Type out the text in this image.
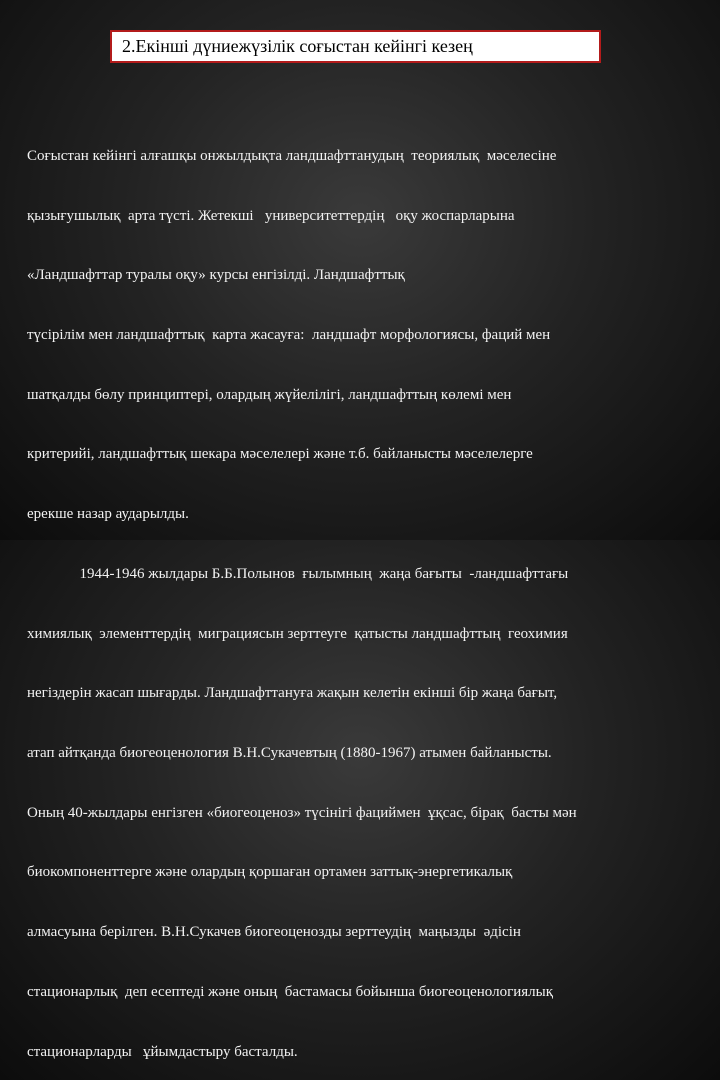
2.Екінші дүниежүзілік соғыстан кейінгі кезең

Соғыстан кейінгі алғашқы онжылдықта ландшафттанудың  теориялық  мәселесіне

қызығушылық  арта түсті. Жетекші   университеттердің   оқу жоспарларына

«Ландшафттар туралы оқу» курсы енгізілді. Ландшафттық

түсірілім мен ландшафттық  карта жасауға:  ландшафт морфологиясы, фаций мен

шатқалды бөлу принциптері, олардың жүйелілігі, ландшафттың көлемі мен

критерийі, ландшафттық шекара мәселелері және т.б. байланысты мәселелерге

ерекше назар аударылды.

1944-1946 жылдары Б.Б.Полынов  ғылымның  жаңа бағыты  -ландшафттағы

химиялық  элементтердің  миграциясын зерттеуге  қатысты ландшафттың  геохимия

негіздерін жасап шығарды. Ландшафттануға жақын келетін екінші бір жаңа бағыт,

атап айтқанда биогеоценология В.Н.Сукачевтың (1880-1967) атымен байланысты.

Оның 40-жылдары енгізген «биогеоценоз» түсінігі фациймен  ұқсас, бірақ  басты мән

биокомпоненттерге және олардың қоршаған ортамен заттық-энергетикалық

алмасуына берілген. В.Н.Сукачев биогеоценозды зерттеудің  маңызды  әдісін

стационарлық  деп есептеді және оның  бастамасы бойынша биогеоценологиялық

стационарларды   ұйымдастыру басталды.
